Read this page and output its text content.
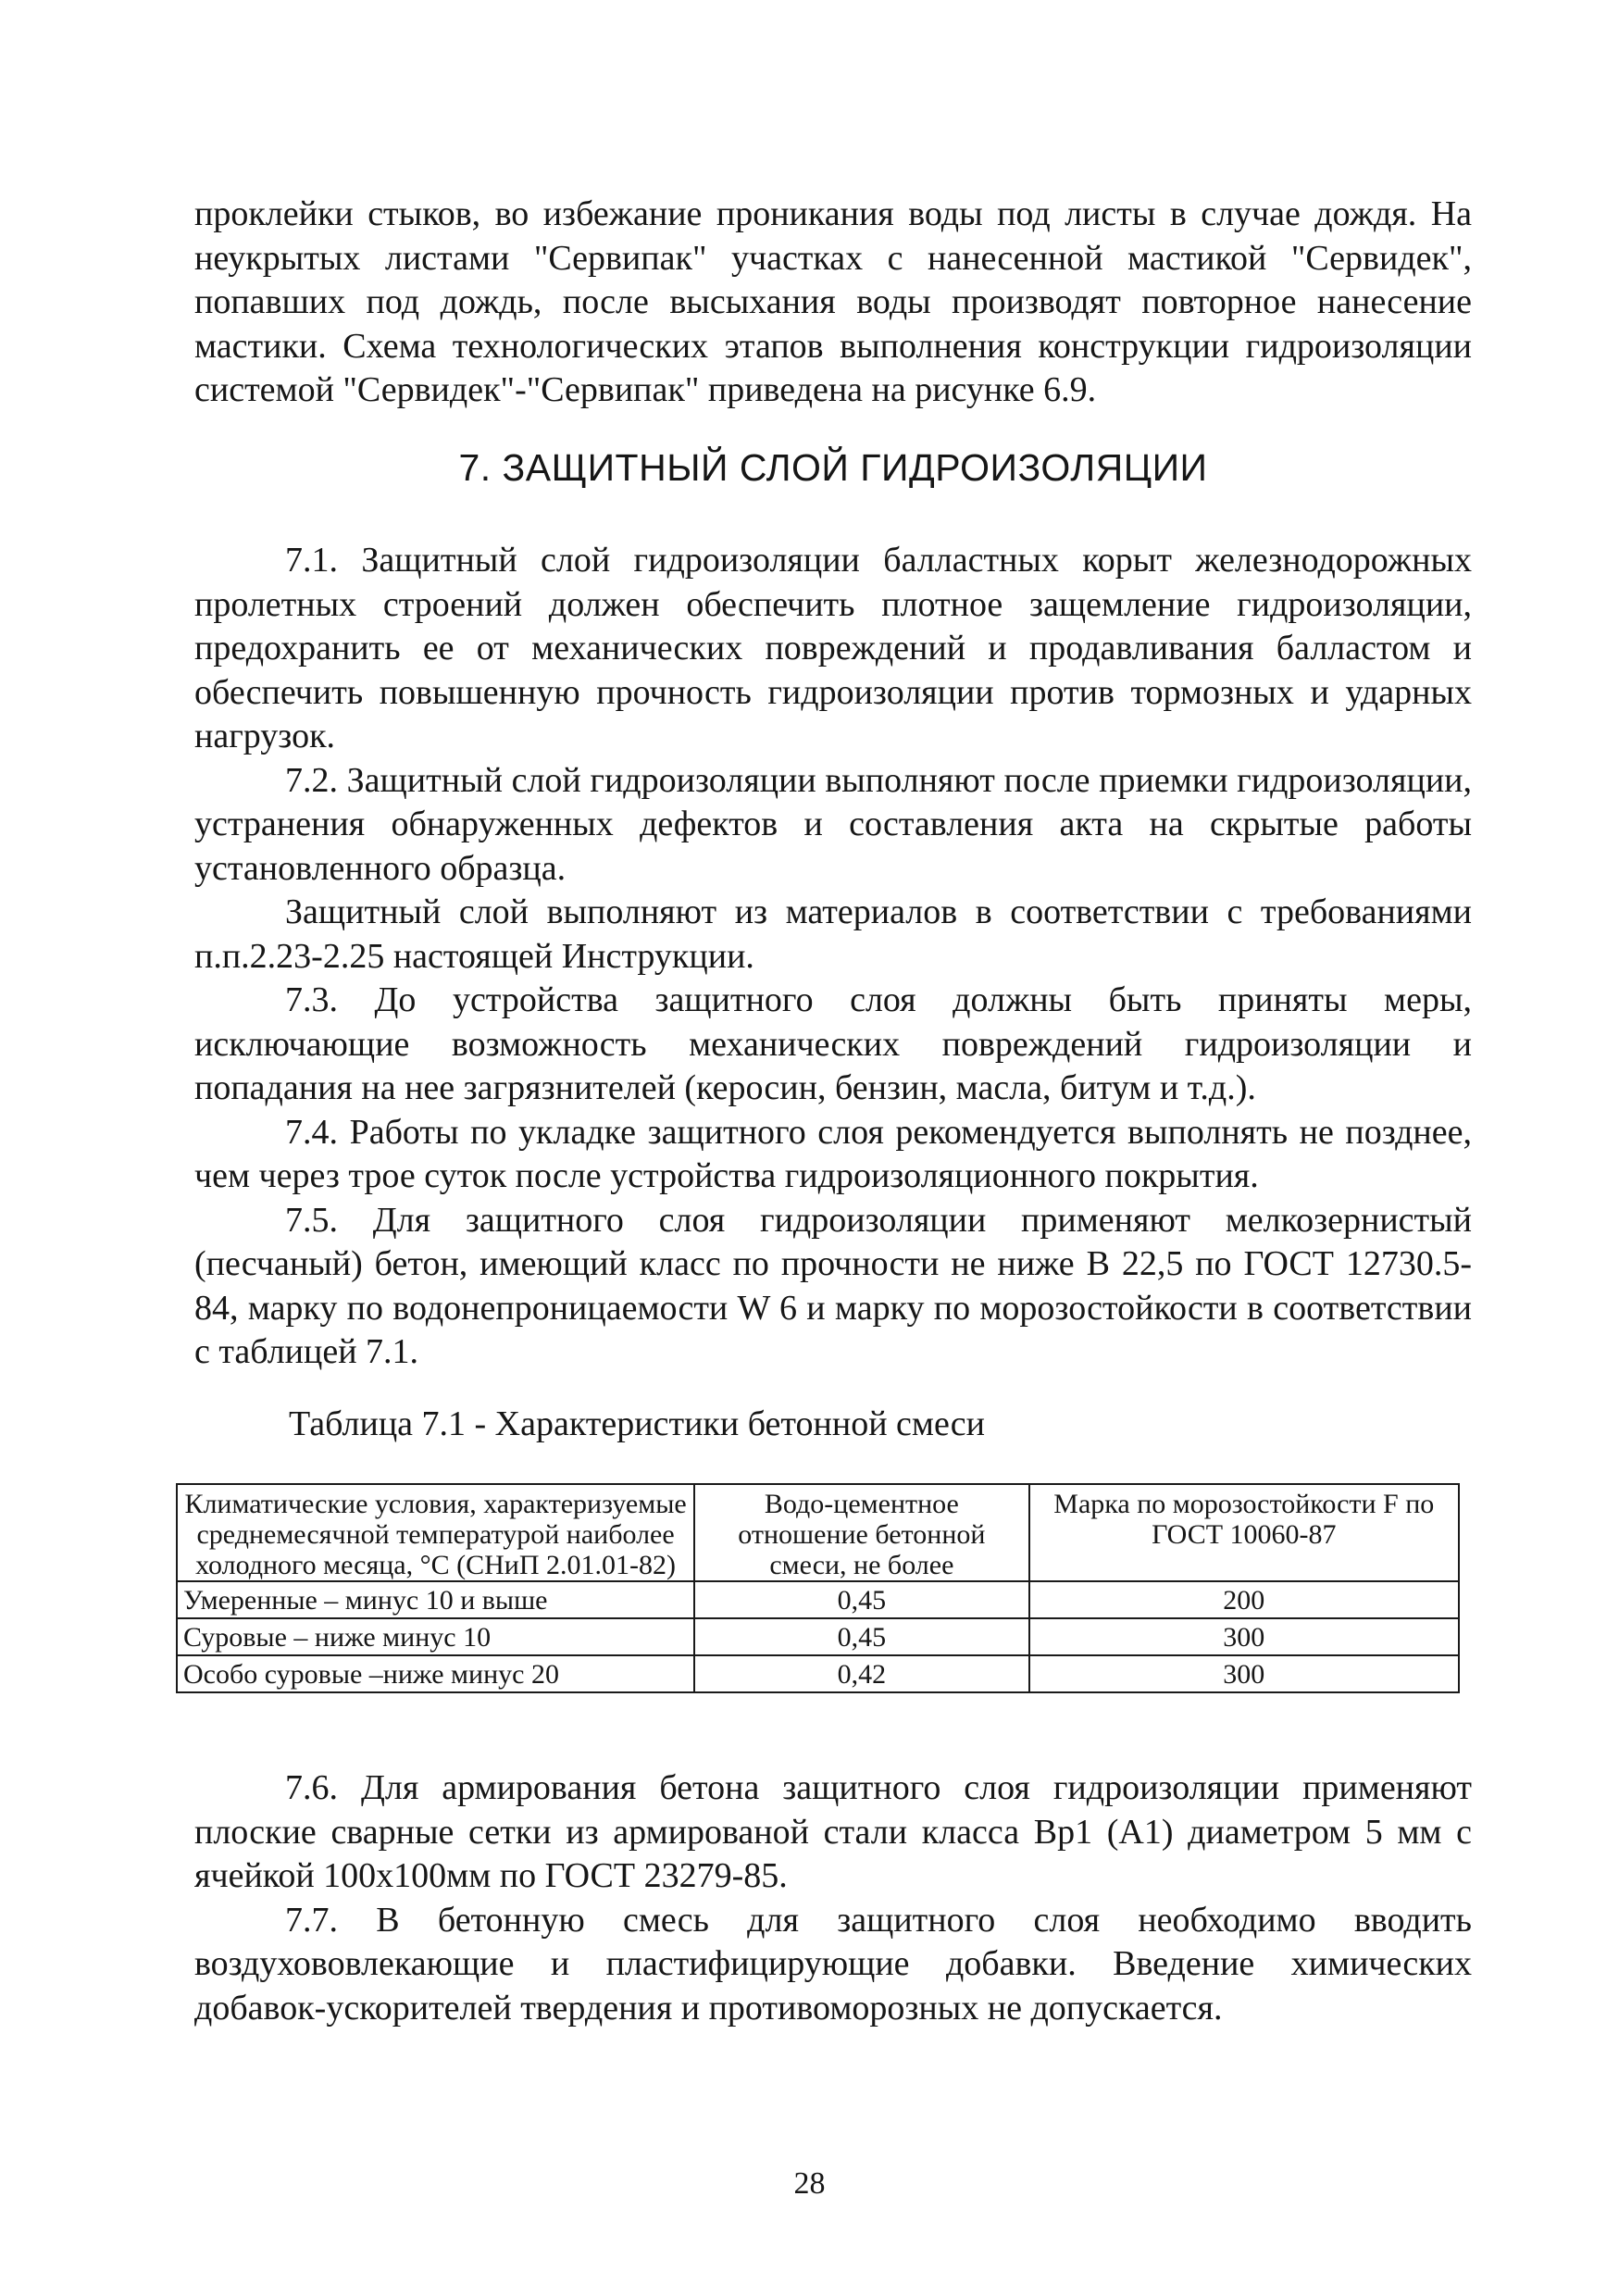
проклейки стыков, во избежание проникания воды под листы в случае дождя. На неукрытых листами "Сервипак" участках с нанесенной мастикой "Сервидек", попавших под дождь, после высыхания воды производят повторное нанесение мастики. Схема технологических этапов выполнения конструкции гидроизоляции системой "Сервидек"-"Сервипак" приведена на рисунке 6.9.

7. ЗАЩИТНЫЙ СЛОЙ ГИДРОИЗОЛЯЦИИ

7.1. Защитный слой гидроизоляции балластных корыт железнодорожных пролетных строений должен обеспечить плотное защемление гидроизоляции, предохранить ее от механических повреждений и продавливания балластом и обеспечить повышенную прочность гидроизоляции против тормозных и ударных нагрузок.

7.2. Защитный слой гидроизоляции выполняют после приемки гидроизоляции, устранения обнаруженных дефектов и составления акта на скрытые работы установленного образца.

Защитный слой выполняют из материалов в соответствии с требованиями п.п.2.23-2.25 настоящей Инструкции.

7.3. До устройства защитного слоя должны быть приняты меры, исключающие возможность механических повреждений гидроизоляции и попадания на нее загрязнителей (керосин, бензин, масла, битум и т.д.).

7.4. Работы по укладке защитного слоя рекомендуется выполнять не позднее, чем через трое суток после устройства гидроизоляционного покрытия.

7.5. Для защитного слоя гидроизоляции применяют мелкозернистый (песчаный) бетон, имеющий класс по прочности не ниже В 22,5 по ГОСТ 12730.5-84, марку по водонепроницаемости W 6 и марку по морозостойкости в соответствии с таблицей 7.1.

Таблица 7.1 - Характеристики бетонной смеси
Климатические условия, характеризуемые среднемесячной температурой наиболее холодного месяца, °С (СНиП 2.01.01-82)	Водо-цементное отношение бетонной смеси, не более	Марка по морозостойкости F по ГОСТ 10060-87
Умеренные – минус 10 и выше	0,45	200
Суровые – ниже минус 10	0,45	300
Особо суровые –ниже минус 20	0,42	300

7.6. Для армирования бетона защитного слоя гидроизоляции применяют плоские сварные сетки из армированой стали класса Вр1 (А1) диаметром 5 мм с ячейкой 100х100мм по ГОСТ 23279-85.

7.7. В бетонную смесь для защитного слоя необходимо вводить воздухововлекающие и пластифицирующие добавки. Введение химических добавок-ускорителей твердения и противоморозных не допускается.

28
